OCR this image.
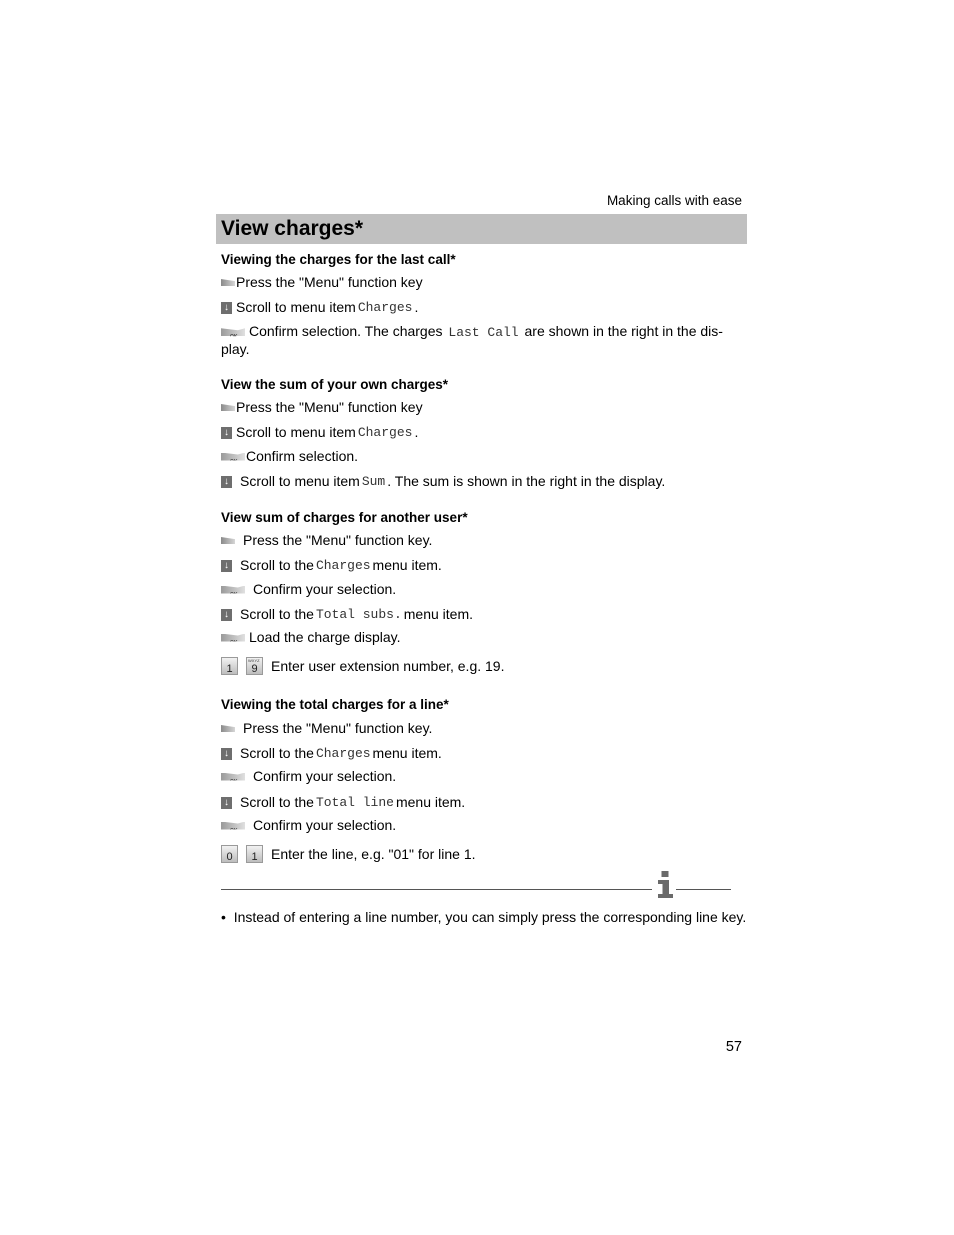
Making calls with ease
View charges*
Viewing the charges for the last call*
Press the "Menu" function key
↓ Scroll to menu item Charges .
OKConfirm selection. The charges Last Call are shown in the right in the dis-play.
View the sum of your own charges*
Press the "Menu" function key
↓ Scroll to menu item Charges .
OK
Confirm selection.
↓ Scroll to menu item Sum . The sum is shown in the right in the display.
View sum of charges for another user*
Press the "Menu" function key.
↓ Scroll to the Charges menu item.
OK
Confirm your selection.
↓ Scroll to the Total subs. menu item.
OK
Load the charge display.
1
WXYZ	9 Enter user extension number, e.g. 19.
Viewing the total charges for a line*
Press the "Menu" function key.
↓ Scroll to the Charges menu item.
OK
Confirm your selection.
↓ Scroll to the Total line menu item.
OK
Confirm your selection.
0	1 Enter the line, e.g. "01" for line 1.
• Instead of entering a line number, you can simply press the corresponding line key.
57
